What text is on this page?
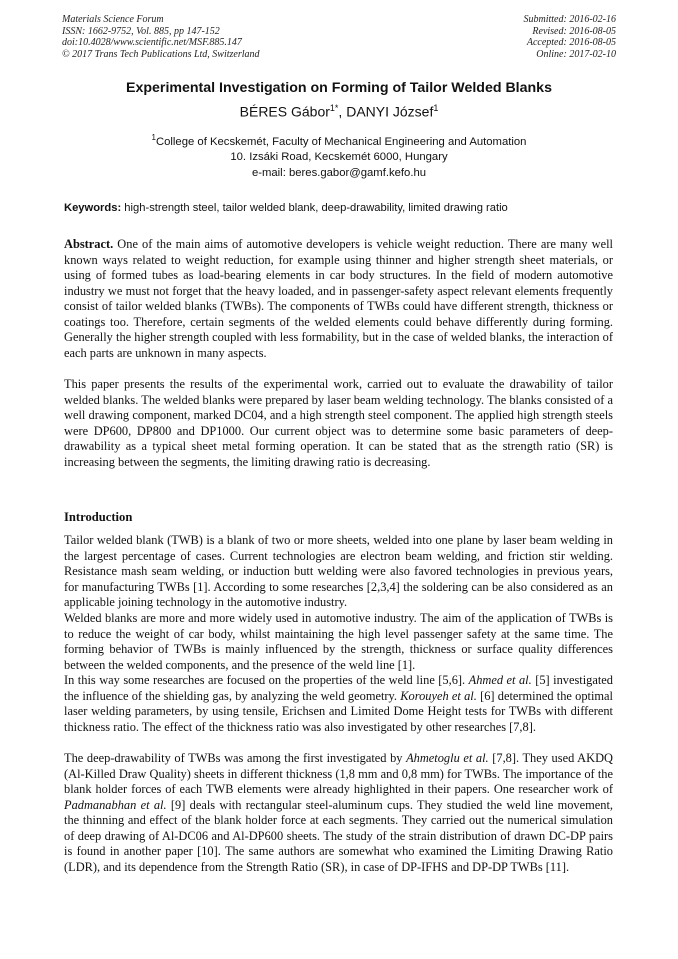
Materials Science Forum
ISSN: 1662-9752, Vol. 885, pp 147-152
doi:10.4028/www.scientific.net/MSF.885.147
© 2017 Trans Tech Publications Ltd, Switzerland
Submitted: 2016-02-16
Revised: 2016-08-05
Accepted: 2016-08-05
Online: 2017-02-10
Experimental Investigation on Forming of Tailor Welded Blanks
BÉRES Gábor$^{1*}$, DANYI József$^1$
$^1$College of Kecskemét, Faculty of Mechanical Engineering and Automation
10. Izsáki Road, Kecskemét 6000, Hungary
e-mail: beres.gabor@gamf.kefo.hu
Keywords: high-strength steel, tailor welded blank, deep-drawability, limited drawing ratio

Abstract. One of the main aims of automotive developers is vehicle weight reduction. There are many well known ways related to weight reduction, for example using thinner and higher strength sheet materials, or using of formed tubes as load-bearing elements in car body structures. In the field of modern automotive industry we must not forget that the heavy loaded, and in passenger-safety aspect relevant elements frequently consist of tailor welded blanks (TWBs). The components of TWBs could have different strength, thickness or coatings too. Therefore, certain segments of the welded elements could behave differently during forming. Generally the higher strength coupled with less formability, but in the case of welded blanks, the interaction of each parts are unknown in many aspects.

This paper presents the results of the experimental work, carried out to evaluate the drawability of tailor welded blanks. The welded blanks were prepared by laser beam welding technology. The blanks consisted of a well drawing component, marked DC04, and a high strength steel component. The applied high strength steels were DP600, DP800 and DP1000. Our current object was to determine some basic parameters of deep-drawability as a typical sheet metal forming operation. It can be stated that as the strength ratio (SR) is increasing between the segments, the limiting drawing ratio is decreasing.

Introduction

Tailor welded blank (TWB) is a blank of two or more sheets, welded into one plane by laser beam welding in the largest percentage of cases. Current technologies are electron beam welding, and friction stir welding. Resistance mash seam welding, or induction butt welding were also favored technologies in previous years, for manufacturing TWBs [1]. According to some researches [2,3,4] the soldering can be also considered as an applicable joining technology in the automotive industry.

Welded blanks are more and more widely used in automotive industry. The aim of the application of TWBs is to reduce the weight of car body, whilst maintaining the high level passenger safety at the same time. The forming behavior of TWBs is mainly influenced by the strength, thickness or surface quality differences between the welded components, and the presence of the weld line [1].

In this way some researches are focused on the properties of the weld line [5,6]. Ahmed et al. [5] investigated the influence of the shielding gas, by analyzing the weld geometry. Korouyeh et al. [6] determined the optimal laser welding parameters, by using tensile, Erichsen and Limited Dome Height tests for TWBs with different thickness ratio. The effect of the thickness ratio was also investigated by other researches [7,8].

The deep-drawability of TWBs was among the first investigated by Ahmetoglu et al. [7,8]. They used AKDQ (Al-Killed Draw Quality) sheets in different thickness (1,8 mm and 0,8 mm) for TWBs. The importance of the blank holder forces of each TWB elements were already highlighted in their papers. One researcher work of Padmanabhan et al. [9] deals with rectangular steel-aluminum cups. They studied the weld line movement, the thinning and effect of the blank holder force at each segments. They carried out the numerical simulation of deep drawing of Al-DC06 and Al-DP600 sheets. The study of the strain distribution of drawn DC-DP pairs is found in another paper [10]. The same authors are somewhat who examined the Limiting Drawing Ratio (LDR), and its dependence from the Strength Ratio (SR), in case of DP-IFHS and DP-DP TWBs [11].
